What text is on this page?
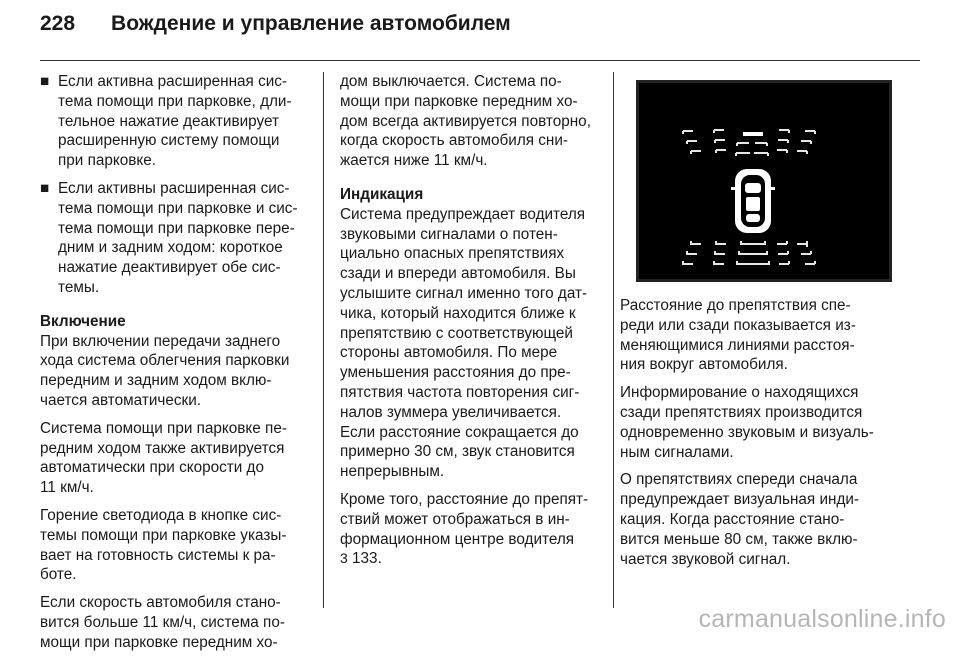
228 Вождение и управление автомобилем
■ Если активна расширенная сис-
тема помощи при парковке, дли-
тельное нажатие деактивирует
расширенную систему помощи
при парковке.
■ Если активны расширенная сис-
тема помощи при парковке и сис-
тема помощи при парковке пере-
дним и задним ходом: короткое
нажатие деактивирует обе сис-
темы.

Включение

При включении передачи заднего
хода система облегчения парковки
передним и задним ходом вклю-
чается автоматически.

Система помощи при парковке пе-
редним ходом также активируется
автоматически при скорости до
11 км/ч.

Горение светодиода в кнопке сис-
темы помощи при парковке указы-
вает на готовность системы к ра-
боте.

Если скорость автомобиля стано-
вится больше 11 км/ч, система по-
мощи при парковке передним хо-

дом выключается. Система по-
мощи при парковке передним хо-
дом всегда активируется повторно,
когда скорость автомобиля сни-
жается ниже 11 км/ч.

Индикация

Система предупреждает водителя
звуковыми сигналами о потен-
циально опасных препятствиях
сзади и впереди автомобиля. Вы
услышите сигнал именно того дат-
чика, который находится ближе к
препятствию с соответствующей
стороны автомобиля. По мере
уменьшения расстояния до пре-
пятствия частота повторения сиг-
налов зуммера увеличивается.
Если расстояние сокращается до
примерно 30 см, звук становится
непрерывным.

Кроме того, расстояние до препят-
ствий может отображаться в ин-
формационном центре водителя
3 133.

Расстояние до препятствия спе-
реди или сзади показывается из-
меняющимися линиями расстоя-
ния вокруг автомобиля.

Информирование о находящихся
сзади препятствиях производится
одновременно звуковым и визуаль-
ным сигналами.

О препятствиях спереди сначала
предупреждает визуальная инди-
кация. Когда расстояние стано-
вится меньше 80 см, также вклю-
чается звуковой сигнал.

carmanualsonline.info
